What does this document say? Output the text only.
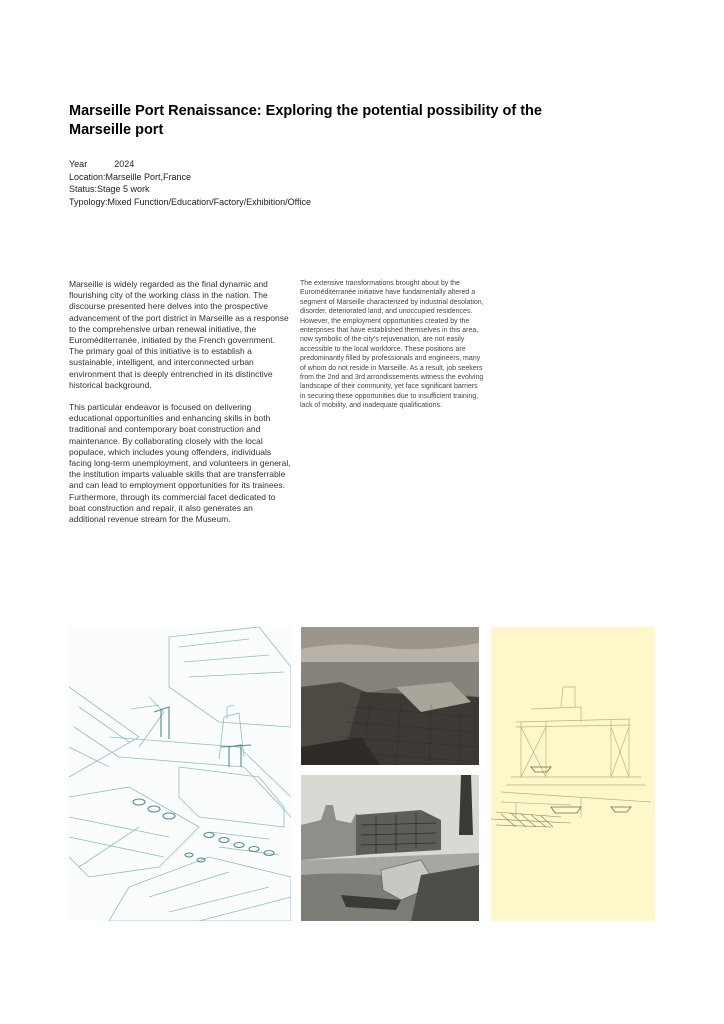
Marseille Port Renaissance: Exploring the potential possibility of the Marseille port
Year	2024
Location:Marseille Port,France
Status:Stage 5 work
Typology:Mixed Function/Education/Factory/Exhibition/Office

Marseille is widely regarded as the final dynamic and flourishing city of the working class in the nation. The discourse presented here delves into the prospective advancement of the port district in Marseille as a response to the comprehensive urban renewal initiative, the Euroméditerranée, initiated by the French government. The primary goal of this initiative is to establish a sustainable, intelligent, and interconnected urban environment that is deeply entrenched in its distinctive historical background.

This particular endeavor is focused on delivering educational opportunities and enhancing skills in both traditional and contemporary boat construction and maintenance. By collaborating closely with the local populace, which includes young offenders, individuals facing long-term unemployment, and volunteers in general, the institution imparts valuable skills that are transferrable and can lead to employment opportunities for its trainees. Furthermore, through its commercial facet dedicated to boat construction and repair, it also generates an additional revenue stream for the Museum.

The extensive transformations brought about by the Euroméditerranée initiative have fundamentally altered a segment of Marseille characterized by industrial desolation, disorder, deteriorated land, and unoccupied residences. However, the employment opportunities created by the enterprises that have established themselves in this area, now symbolic of the city's rejuvenation, are not easily accessible to the local workforce. These positions are predominantly filled by professionals and engineers, many of whom do not reside in Marseille. As a result, job seekers from the 2nd and 3rd arrondissements witness the evolving landscape of their community, yet face significant barriers in securing these opportunities due to insufficient training, lack of mobility, and inadequate qualifications.
